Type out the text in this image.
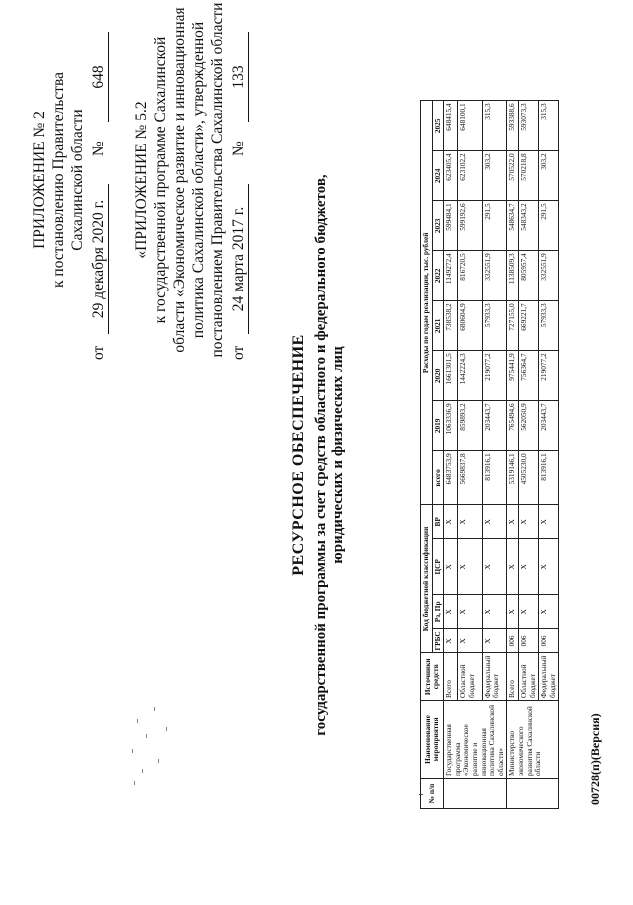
ПРИЛОЖЕНИЕ № 2 к постановлению Правительства Сахалинской области
от
29 декабря 2020 г.
№
648
«ПРИЛОЖЕНИЕ № 5.2 к государственной программе Сахалинской области «Экономическое развитие и инновационная политика Сахалинской области», утвержденной постановлением Правительства Сахалинской области от
24 марта 2017 г.
№
133
РЕСУРСНОЕ ОБЕСПЕЧЕНИЕ государственной программы за счет средств областного и федерального бюджетов, юридических и физических лиц
№ п/п	Наименование мероприятия	Источники средств	Код бюджетной классификации				Расходы по годам реализации, тыс. рублей							
			ГРБС	Рз, Пр	ЦСР	ВР	всего	2019	2020	2021	2022	2023	2024	2025
	Государственная программа «Экономическое развитие и инновационная политика Сахалинской области»	Всего	Х	Х	Х	Х	6483753,9	1063336,9	1661301,5	738538,2	1149272,4	599484,1	623405,4	648415,4
		Областной бюджет	Х	Х	Х	Х	5669837,8	859893,2	1442224,3	680604,9	816720,5	599192,6	623102,2	648100,1
		Федеральный бюджет	Х	Х	Х	Х	813916,1	203443,7	219077,2	57933,3	332551,9	291,5	303,2	315,3
	Министерство экономического развития Сахалинской области	Всего	006	Х	Х	Х	5319146,1	765494,6	975441,9	727155,0	1138509,3	548634,7	570522,0	593388,6
		Областной бюджет	006	Х	Х	Х	4505230,0	562050,9	756364,7	669221,7	805957,4	548343,2	570218,8	593073,3
		Федеральный бюджет	006	Х	Х	Х	813916,1	203443,7	219077,2	57933,3	332551,9	291,5	303,2	315,3
00728(п)(Версия)
